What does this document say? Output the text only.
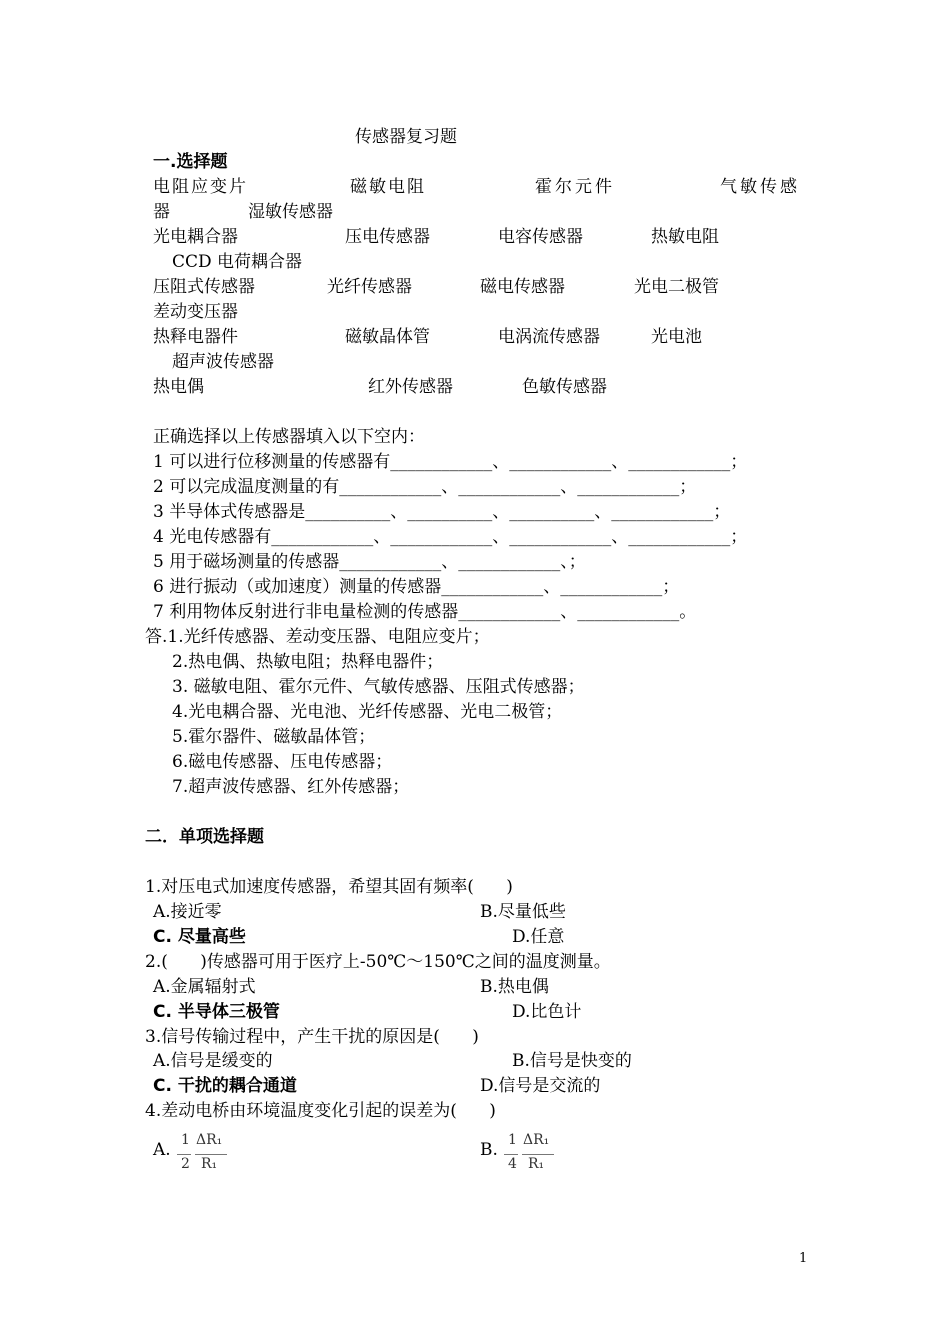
传感器复习题
一.选择题
电阻应变片	磁敏电阻	霍尔元件	气敏传感
器	湿敏传感器
光电耦合器	压电传感器	电容传感器	热敏电阻
CCD 电荷耦合器
压阻式传感器	光纤传感器	磁电传感器	光电二极管
差动变压器
热释电器件	磁敏晶体管	电涡流传感器	光电池
超声波传感器
热电偶	红外传感器	色敏传感器
正确选择以上传感器填入以下空内：
1 可以进行位移测量的传感器有____________、____________、____________；
2 可以完成温度测量的有____________、____________、____________；
3 半导体式传感器是__________、__________、__________、____________；
4 光电传感器有____________、____________、____________、____________；
5 用于磁场测量的传感器____________、____________、；
6 进行振动（或加速度）测量的传感器____________、____________；
7 利用物体反射进行非电量检测的传感器____________、____________。
答.1.光纤传感器、差动变压器、电阻应变片；
2.热电偶、热敏电阻；热释电器件；
3. 磁敏电阻、霍尔元件、气敏传感器、压阻式传感器；
4.光电耦合器、光电池、光纤传感器、光电二极管；
5.霍尔器件、磁敏晶体管；
6.磁电传感器、压电传感器；
7.超声波传感器、红外传感器；
二．单项选择题
1.对压电式加速度传感器，希望其固有频率(      )
A.接近零	B.尽量低些
C. 尽量高些	D.任意
2.(      )传感器可用于医疗上-50℃～150℃之间的温度测量。
A.金属辐射式	B.热电偶
C. 半导体三极管	D.比色计
3.信号传输过程中，产生干扰的原因是(      )
A.信号是缓变的	B.信号是快变的
C. 干扰的耦合通道	D.信号是交流的
4.差动电桥由环境温度变化引起的误差为(      )
A. 1
2
ΔR₁
R₁
B. 1
4
ΔR₁
R₁
1
